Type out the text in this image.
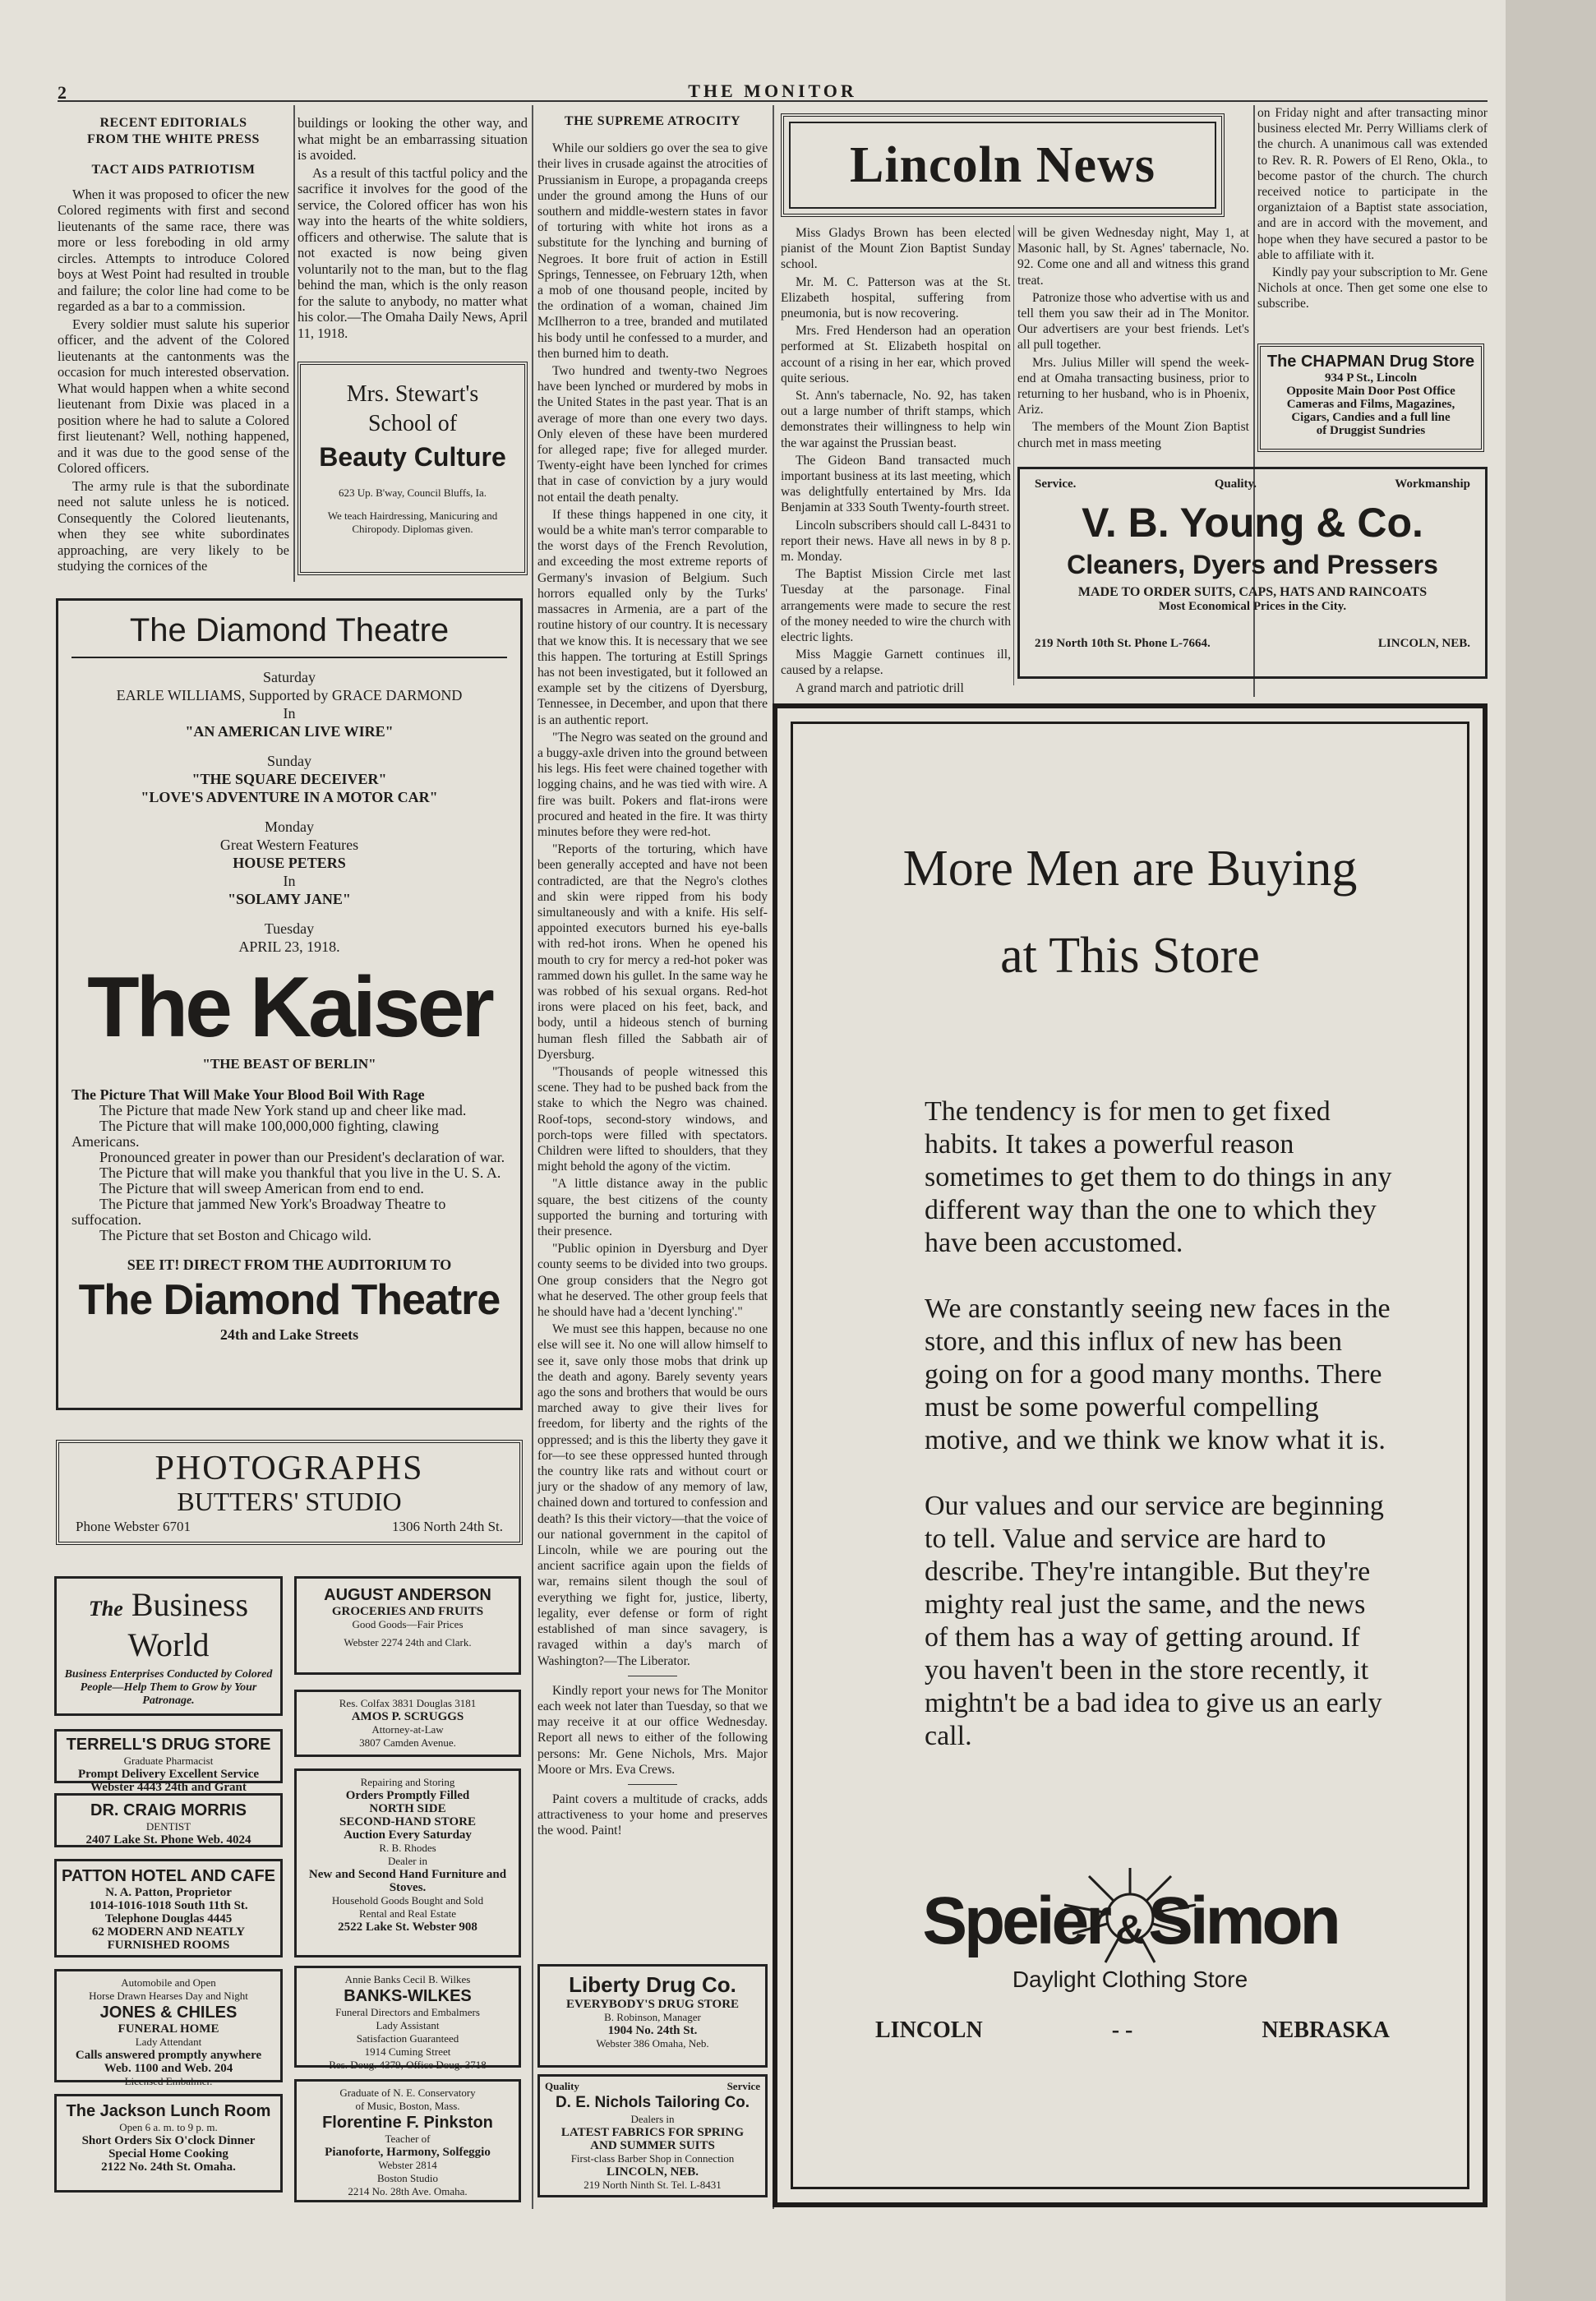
2	THE MONITOR
RECENT EDITORIALS
FROM THE WHITE PRESS
TACT AIDS PATRIOTISM

When it was proposed to oficer the new Colored regiments with first and second lieutenants of the same race, there was more or less foreboding in old army circles. Attempts to introduce Colored boys at West Point had resulted in trouble and failure; the color line had come to be regarded as a bar to a commission.

Every soldier must salute his superior officer, and the advent of the Colored lieutenants at the cantonments was the occasion for much interested observation. What would happen when a white second lieutenant from Dixie was placed in a position where he had to salute a Colored first lieutenant? Well, nothing happened, and it was due to the good sense of the Colored officers.

The army rule is that the subordinate need not salute unless he is noticed. Consequently the Colored lieutenants, when they see white subordinates approaching, are very likely to be studying the cornices of the

buildings or looking the other way, and what might be an embarrassing situation is avoided.

As a result of this tactful policy and the sacrifice it involves for the good of the service, the Colored officer has won his way into the hearts of the white soldiers, officers and otherwise. The salute that is not exacted is now being given voluntarily not to the man, but to the flag behind the man, which is the only reason for the salute to anybody, no matter what his color.—The Omaha Daily News, April 11, 1918.

Mrs. Stewart's
School of
Beauty Culture
623 Up. B'way, Council Bluffs, Ia.
We teach Hairdressing, Manicuring and Chiropody. Diplomas given.
The Diamond Theatre
Saturday
EARLE WILLIAMS, Supported by GRACE DARMOND
In
"AN AMERICAN LIVE WIRE"
Sunday
"THE SQUARE DECEIVER"
"LOVE'S ADVENTURE IN A MOTOR CAR"
Monday
Great Western Features
HOUSE PETERS
In
"SOLAMY JANE"
Tuesday
APRIL 23, 1918.
The Kaiser
"THE BEAST OF BERLIN"
The Picture That Will Make Your Blood Boil With Rage
The Picture that made New York stand up and cheer like mad.
The Picture that will make 100,000,000 fighting, clawing Americans.
Pronounced greater in power than our President's declaration of war.
The Picture that will make you thankful that you live in the U. S. A.
The Picture that will sweep American from end to end.
The Picture that jammed New York's Broadway Theatre to suffocation.
The Picture that set Boston and Chicago wild.
SEE IT! DIRECT FROM THE AUDITORIUM TO
The Diamond Theatre
24th and Lake Streets
PHOTOGRAPHS
BUTTERS' STUDIO
Phone Webster 6701	1306 North 24th St.
The Business
World
Business Enterprises Conducted by Colored People—Help Them to Grow by Your Patronage.
TERRELL'S DRUG STORE
Graduate Pharmacist
Prompt Delivery Excellent Service
Webster 4443 24th and Grant
DR. CRAIG MORRIS
DENTIST
2407 Lake St. Phone Web. 4024
PATTON HOTEL AND CAFE
N. A. Patton, Proprietor
1014-1016-1018 South 11th St.
Telephone Douglas 4445
62 MODERN AND NEATLY
FURNISHED ROOMS
Automobile and Open
Horse Drawn Hearses Day and Night
JONES & CHILES
FUNERAL HOME
Lady Attendant
Calls answered promptly anywhere
Web. 1100 and Web. 204
Licensed Embalmer.
The Jackson Lunch Room
Open 6 a. m. to 9 p. m.
Short Orders Six O'clock Dinner
Special Home Cooking
2122 No. 24th St. Omaha.
AUGUST ANDERSON
GROCERIES AND FRUITS
Good Goods—Fair Prices
Webster 2274 24th and Clark.
Res. Colfax 3831 Douglas 3181
AMOS P. SCRUGGS
Attorney-at-Law
3807 Camden Avenue.
Repairing and Storing
Orders Promptly Filled
NORTH SIDE
SECOND-HAND STORE
Auction Every Saturday
R. B. Rhodes
Dealer in
New and Second Hand Furniture and Stoves.
Household Goods Bought and Sold
Rental and Real Estate
2522 Lake St. Webster 908
Annie Banks Cecil B. Wilkes
BANKS-WILKES
Funeral Directors and Embalmers
Lady Assistant
Satisfaction Guaranteed
1914 Cuming Street
Res. Doug. 4379, Office Doug. 3718
Graduate of N. E. Conservatory
of Music, Boston, Mass.
Florentine F. Pinkston
Teacher of
Pianoforte, Harmony, Solfeggio
Webster 2814
Boston Studio
2214 No. 28th Ave. Omaha.
THE SUPREME ATROCITY

While our soldiers go over the sea to give their lives in crusade against the atrocities of Prussianism in Europe, a propaganda creeps under the ground among the Huns of our southern and middle-western states in favor of torturing with white hot irons as a substitute for the lynching and burning of Negroes. It bore fruit of action in Estill Springs, Tennessee, on February 12th, when a mob of one thousand people, incited by the ordination of a woman, chained Jim McIlherron to a tree, branded and mutilated his body until he confessed to a murder, and then burned him to death.

Two hundred and twenty-two Negroes have been lynched or murdered by mobs in the United States in the past year. That is an average of more than one every two days. Only eleven of these have been murdered for alleged rape; five for alleged murder. Twenty-eight have been lynched for crimes that in case of conviction by a jury would not entail the death penalty.

If these things happened in one city, it would be a white man's terror comparable to the worst days of the French Revolution, and exceeding the most extreme reports of Germany's invasion of Belgium. Such horrors equalled only by the Turks' massacres in Armenia, are a part of the routine history of our country. It is necessary that we know this. It is necessary that we see this happen. The torturing at Estill Springs has not been investigated, but it followed an example set by the citizens of Dyersburg, Tennessee, in December, and upon that there is an authentic report.

"The Negro was seated on the ground and a buggy-axle driven into the ground between his legs. His feet were chained together with logging chains, and he was tied with wire. A fire was built. Pokers and flat-irons were procured and heated in the fire. It was thirty minutes before they were red-hot.

"Reports of the torturing, which have been generally accepted and have not been contradicted, are that the Negro's clothes and skin were ripped from his body simultaneously and with a knife. His self-appointed executors burned his eye-balls with red-hot irons. When he opened his mouth to cry for mercy a red-hot poker was rammed down his gullet. In the same way he was robbed of his sexual organs. Red-hot irons were placed on his feet, back, and body, until a hideous stench of burning human flesh filled the Sabbath air of Dyersburg.

"Thousands of people witnessed this scene. They had to be pushed back from the stake to which the Negro was chained. Roof-tops, second-story windows, and porch-tops were filled with spectators. Children were lifted to shoulders, that they might behold the agony of the victim.

"A little distance away in the public square, the best citizens of the county supported the burning and torturing with their presence.

"Public opinion in Dyersburg and Dyer county seems to be divided into two groups. One group considers that the Negro got what he deserved. The other group feels that he should have had a 'decent lynching'."

We must see this happen, because no one else will see it. No one will allow himself to see it, save only those mobs that drink up the death and agony. Barely seventy years ago the sons and brothers that would be ours marched away to give their lives for freedom, for liberty and the rights of the oppressed; and is this the liberty they gave it for—to see these oppressed hunted through the country like rats and without court or jury or the shadow of any memory of law, chained down and tortured to confession and death? Is this their victory—that the voice of our national government in the capitol of Lincoln, while we are pouring out the ancient sacrifice again upon the fields of war, remains silent though the soul of everything we fight for, justice, liberty, legality, ever defense or form of right established of man since savagery, is ravaged within a day's march of Washington?—The Liberator.

Kindly report your news for The Monitor each week not later than Tuesday, so that we may receive it at our office Wednesday. Report all news to either of the following persons: Mr. Gene Nichols, Mrs. Major Moore or Mrs. Eva Crews.

Paint covers a multitude of cracks, adds attractiveness to your home and preserves the wood. Paint!

Liberty Drug Co.
EVERYBODY'S DRUG STORE
B. Robinson, Manager
1904 No. 24th St.
Webster 386 Omaha, Neb.
Quality	Service
D. E. Nichols Tailoring Co.
Dealers in
LATEST FABRICS FOR SPRING
AND SUMMER SUITS
First-class Barber Shop in Connection
LINCOLN, NEB.
219 North Ninth St. Tel. L-8431
Lincoln News

Miss Gladys Brown has been elected pianist of the Mount Zion Baptist Sunday school.

Mr. M. C. Patterson was at the St. Elizabeth hospital, suffering from pneumonia, but is now recovering.

Mrs. Fred Henderson had an operation performed at St. Elizabeth hospital on account of a rising in her ear, which proved quite serious.

St. Ann's tabernacle, No. 92, has taken out a large number of thrift stamps, which demonstrates their willingness to help win the war against the Prussian beast.

The Gideon Band transacted much important business at its last meeting, which was delightfully entertained by Mrs. Ida Benjamin at 333 South Twenty-fourth street.

Lincoln subscribers should call L-8431 to report their news. Have all news in by 8 p. m. Monday.

The Baptist Mission Circle met last Tuesday at the parsonage. Final arrangements were made to secure the rest of the money needed to wire the church with electric lights.

Miss Maggie Garnett continues ill, caused by a relapse.

A grand march and patriotic drill

will be given Wednesday night, May 1, at Masonic hall, by St. Agnes' tabernacle, No. 92. Come one and all and witness this grand treat.

Patronize those who advertise with us and tell them you saw their ad in The Monitor. Our advertisers are your best friends. Let's all pull together.

Mrs. Julius Miller will spend the week-end at Omaha transacting business, prior to returning to her husband, who is in Phoenix, Ariz.

The members of the Mount Zion Baptist church met in mass meeting

on Friday night and after transacting minor business elected Mr. Perry Williams clerk of the church. A unanimous call was extended to Rev. R. R. Powers of El Reno, Okla., to become pastor of the church. The church received notice to participate in the organiztaion of a Baptist state association, and are in accord with the movement, and hope when they have secured a pastor to be able to affiliate with it.

Kindly pay your subscription to Mr. Gene Nichols at once. Then get some one else to subscribe.

The CHAPMAN Drug Store
934 P St., Lincoln
Opposite Main Door Post Office
Cameras and Films, Magazines,
Cigars, Candies and a full line
of Druggist Sundries
Service.	Quality.	Workmanship
V. B. Young & Co.
Cleaners, Dyers and Pressers
MADE TO ORDER SUITS, CAPS, HATS AND RAINCOATS
Most Economical Prices in the City.
219 North 10th St. Phone L-7664.	LINCOLN, NEB.
More Men are Buying
at This Store
The tendency is for men to get fixed habits. It takes a powerful reason sometimes to get them to do things in any different way than the one to which they have been accustomed.
We are constantly seeing new faces in the store, and this influx of new has been going on for a good many months. There must be some powerful compelling motive, and we think we know what it is.
Our values and our service are beginning to tell. Value and service are hard to describe. They're intangible. But they're mighty real just the same, and the news of them has a way of getting around. If you haven't been in the store recently, it mightn't be a bad idea to give us an early call.
Speier &Simon
Daylight Clothing Store
LINCOLN	- -	NEBRASKA
